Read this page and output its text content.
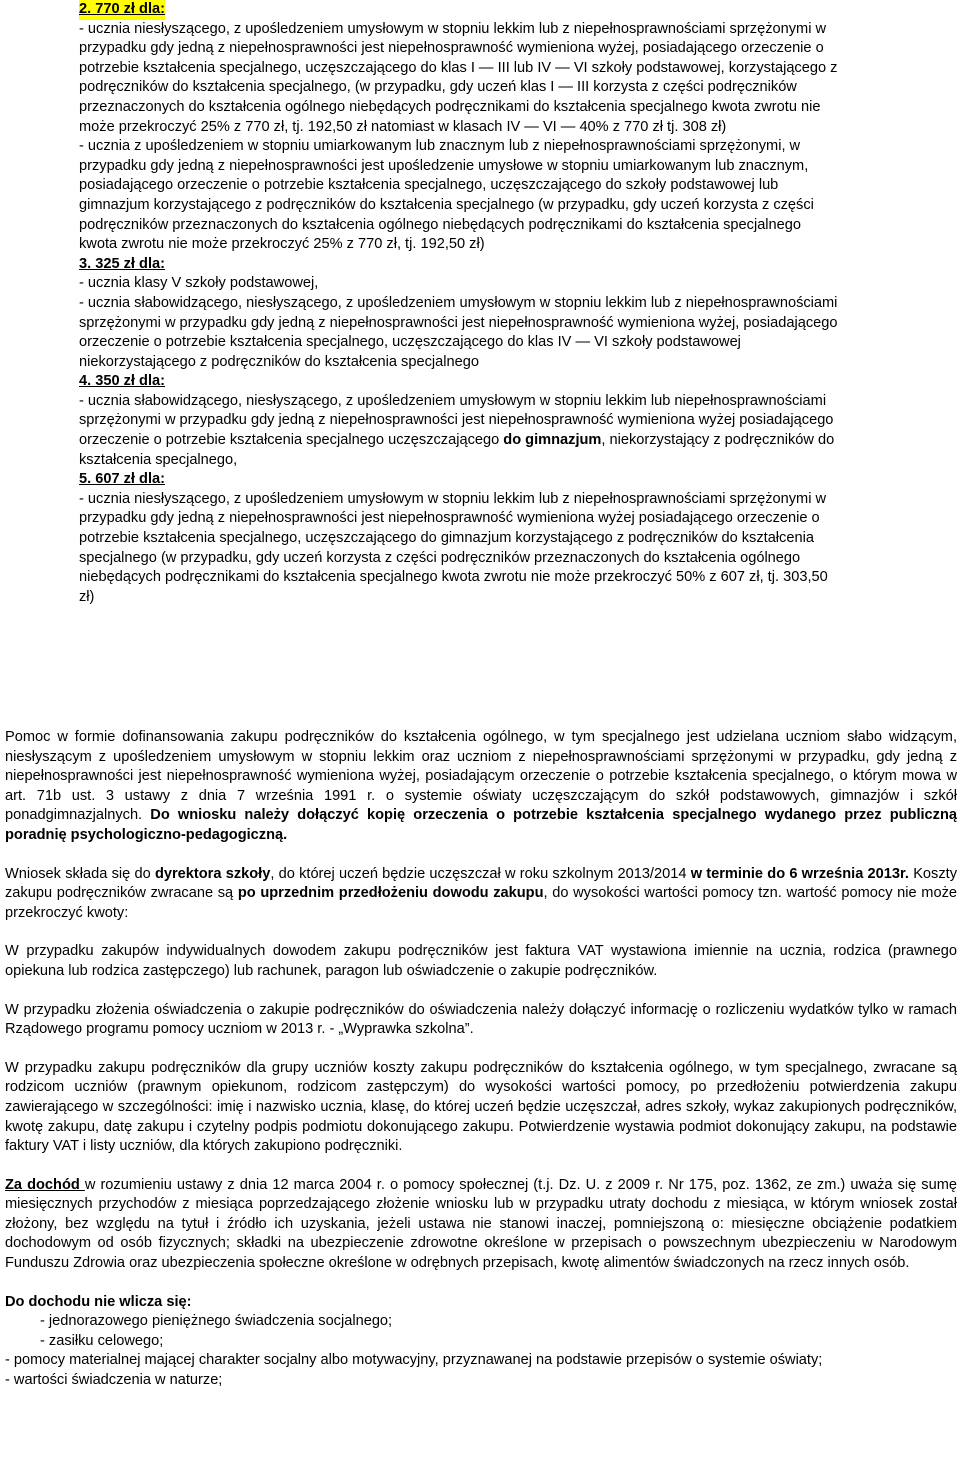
2. 770 zł dla:
- ucznia niesłyszącego, z upośledzeniem umysłowym w stopniu lekkim lub z niepełnosprawnościami sprzężonymi w
przypadku gdy jedną z niepełnosprawności jest niepełnosprawność wymieniona wyżej, posiadającego orzeczenie o
potrzebie kształcenia specjalnego, uczęszczającego do klas I — III lub IV — VI szkoły podstawowej, korzystającego z
podręczników do kształcenia specjalnego, (w przypadku, gdy uczeń klas I — III korzysta z części podręczników
przeznaczonych do kształcenia ogólnego niebędących podręcznikami do kształcenia specjalnego kwota zwrotu nie
może przekroczyć 25% z 770 zł, tj. 192,50 zł natomiast w klasach IV — VI — 40% z 770 zł tj. 308 zł)
- ucznia z upośledzeniem w stopniu umiarkowanym lub znacznym lub z niepełnosprawnościami sprzężonymi, w
przypadku gdy jedną z niepełnosprawności jest upośledzenie umysłowe w stopniu umiarkowanym lub znacznym,
posiadającego orzeczenie o potrzebie kształcenia specjalnego, uczęszczającego do szkoły podstawowej lub
gimnazjum korzystającego z podręczników do kształcenia specjalnego (w przypadku, gdy uczeń korzysta z części
podręczników przeznaczonych do kształcenia ogólnego niebędących podręcznikami do kształcenia specjalnego
kwota zwrotu nie może przekroczyć 25% z 770 zł, tj. 192,50 zł)
3. 325 zł dla:
- ucznia klasy V szkoły podstawowej,
- ucznia słabowidzącego, niesłyszącego, z upośledzeniem umysłowym w stopniu lekkim lub z niepełnosprawnościami
sprzężonymi w przypadku gdy jedną z niepełnosprawności jest niepełnosprawność wymieniona wyżej, posiadającego
orzeczenie o potrzebie kształcenia specjalnego, uczęszczającego do klas IV — VI szkoły podstawowej
niekorzystającego z podręczników do kształcenia specjalnego
4. 350 zł dla:
- ucznia słabowidzącego, niesłyszącego, z upośledzeniem umysłowym w stopniu lekkim lub niepełnosprawnościami
sprzężonymi w przypadku gdy jedną z niepełnosprawności jest niepełnosprawność wymieniona wyżej posiadającego
orzeczenie o potrzebie kształcenia specjalnego uczęszczającego do gimnazjum, niekorzystający z podręczników do
kształcenia specjalnego,
5. 607 zł dla:
- ucznia niesłyszącego, z upośledzeniem umysłowym w stopniu lekkim lub z niepełnosprawnościami sprzężonymi w
przypadku gdy jedną z niepełnosprawności jest niepełnosprawność wymieniona wyżej posiadającego orzeczenie o
potrzebie kształcenia specjalnego, uczęszczającego do gimnazjum korzystającego z podręczników do kształcenia
specjalnego (w przypadku, gdy uczeń korzysta z części podręczników przeznaczonych do kształcenia ogólnego
niebędących podręcznikami do kształcenia specjalnego kwota zwrotu nie może przekroczyć 50% z 607 zł, tj. 303,50
zł)

Pomoc w formie dofinansowania zakupu podręczników do kształcenia ogólnego, w tym specjalnego jest udzielana uczniom słabo widzącym, niesłyszącym z upośledzeniem umysłowym w stopniu lekkim oraz uczniom z niepełnosprawnościami sprzężonymi w przypadku, gdy jedną z niepełnosprawności jest niepełnosprawność wymieniona wyżej, posiadającym orzeczenie o potrzebie kształcenia specjalnego, o którym mowa w art. 71b ust. 3 ustawy z dnia 7 września 1991 r. o systemie oświaty uczęszczającym do szkół podstawowych, gimnazjów i szkół ponadgimnazjalnych. Do wniosku należy dołączyć kopię orzeczenia o potrzebie kształcenia specjalnego wydanego przez publiczną poradnię psychologiczno-pedagogiczną.

Wniosek składa się do dyrektora szkoły, do której uczeń będzie uczęszczał w roku szkolnym 2013/2014 w terminie do 6 września 2013r. Koszty zakupu podręczników zwracane są po uprzednim przedłożeniu dowodu zakupu, do wysokości wartości pomocy tzn. wartość pomocy nie może przekroczyć kwoty:

W przypadku zakupów indywidualnych dowodem zakupu podręczników jest faktura VAT wystawiona imiennie na ucznia, rodzica (prawnego opiekuna lub rodzica zastępczego) lub rachunek, paragon lub oświadczenie o zakupie podręczników.

W przypadku złożenia oświadczenia o zakupie podręczników do oświadczenia należy dołączyć informację o rozliczeniu wydatków tylko w ramach Rządowego programu pomocy uczniom w 2013 r. - „Wyprawka szkolna”.

W przypadku zakupu podręczników dla grupy uczniów koszty zakupu podręczników do kształcenia ogólnego, w tym specjalnego, zwracane są rodzicom uczniów (prawnym opiekunom, rodzicom zastępczym) do wysokości wartości pomocy, po przedłożeniu potwierdzenia zakupu zawierającego w szczególności: imię i nazwisko ucznia, klasę, do której uczeń będzie uczęszczał, adres szkoły, wykaz zakupionych podręczników, kwotę zakupu, datę zakupu i czytelny podpis podmiotu dokonującego zakupu. Potwierdzenie wystawia podmiot dokonujący zakupu, na podstawie faktury VAT i listy uczniów, dla których zakupiono podręczniki.

Za dochód w rozumieniu ustawy z dnia 12 marca 2004 r. o pomocy społecznej (t.j. Dz. U. z 2009 r. Nr 175, poz. 1362, ze zm.) uważa się sumę miesięcznych przychodów z miesiąca poprzedzającego złożenie wniosku lub w przypadku utraty dochodu z miesiąca, w którym wniosek został złożony, bez względu na tytuł i źródło ich uzyskania, jeżeli ustawa nie stanowi inaczej, pomniejszoną o: miesięczne obciążenie podatkiem dochodowym od osób fizycznych; składki na ubezpieczenie zdrowotne określone w przepisach o powszechnym ubezpieczeniu w Narodowym Funduszu Zdrowia oraz ubezpieczenia społeczne określone w odrębnych przepisach, kwotę alimentów świadczonych na rzecz innych osób.

Do dochodu nie wlicza się:
- jednorazowego pieniężnego świadczenia socjalnego;
- zasiłku celowego;
- pomocy materialnej mającej charakter socjalny albo motywacyjny, przyznawanej na podstawie przepisów o systemie oświaty;
- wartości świadczenia w naturze;
